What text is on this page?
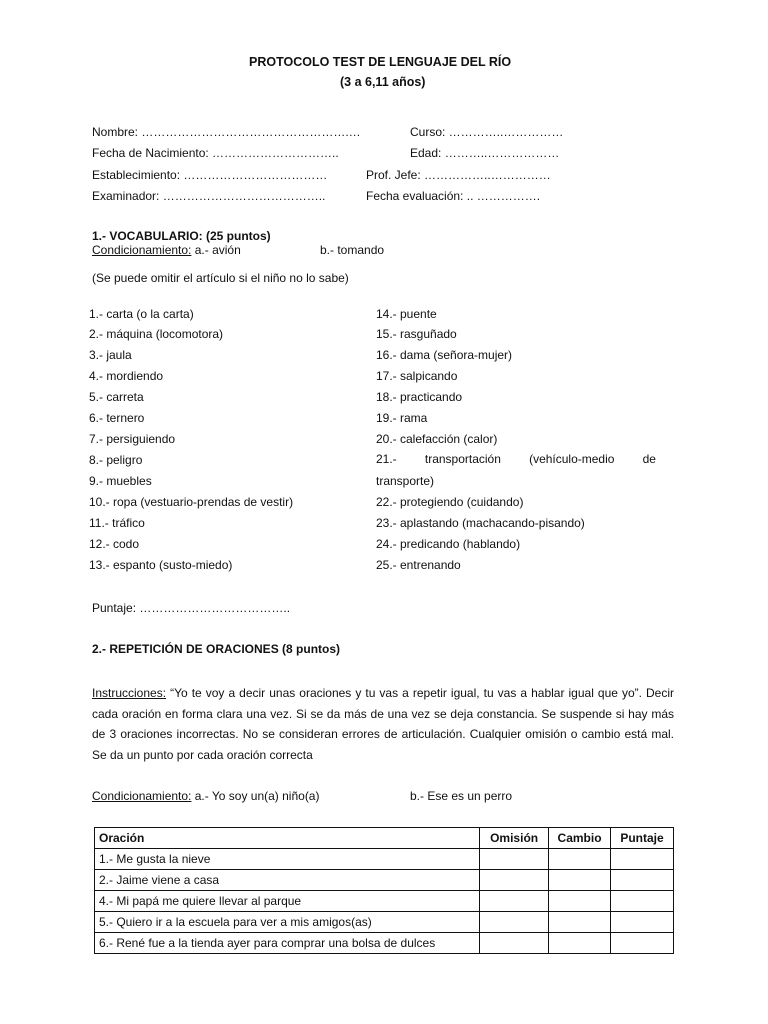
PROTOCOLO TEST DE LENGUAJE DEL RÍO
(3 a 6,11 años)
Nombre: …………………………………………….…	Curso: …………..……………
Fecha de Nacimiento: …………………………..	Edad: ………..………………
Establecimiento: ………………………………	Prof. Jefe: ……………..……………
Examinador: …………………………………..	Fecha evaluación: .. …………….
1.- VOCABULARIO: (25 puntos)
Condicionamiento: a.- avión	b.- tomando
(Se puede omitir el artículo si el niño no lo sabe)
1.- carta (o la carta)
2.- máquina (locomotora)
3.- jaula
4.- mordiendo
5.- carreta
6.- ternero
7.- persiguiendo
8.- peligro
9.- muebles
10.- ropa (vestuario-prendas de vestir)
11.- tráfico
12.- codo
13.- espanto (susto-miedo)
14.- puente
15.- rasguñado
16.- dama (señora-mujer)
17.- salpicando
18.- practicando
19.- rama
20.- calefacción (calor)
21.- transportación (vehículo-medio de
transporte)
22.- protegiendo (cuidando)
23.- aplastando (machacando-pisando)
24.- predicando (hablando)
25.- entrenando
Puntaje: ………………………………..
2.- REPETICIÓN DE ORACIONES (8 puntos)
Instrucciones: “Yo te voy a decir unas oraciones y tu vas a repetir igual, tu vas a hablar igual que yo”. Decir cada oración en forma clara una vez. Si se da más de una vez se deja constancia. Se suspende si hay más de 3 oraciones incorrectas. No se consideran errores de articulación. Cualquier omisión o cambio está mal. Se da un punto por cada oración correcta
Condicionamiento: a.- Yo soy un(a) niño(a)	b.- Ese es un perro
Oración	Omisión	Cambio	Puntaje
1.- Me gusta la nieve			
2.- Jaime viene a casa			
4.- Mi papá me quiere llevar al parque			
5.- Quiero ir a la escuela para ver a mis amigos(as)			
6.- René fue a la tienda ayer para comprar una bolsa de dulces			
